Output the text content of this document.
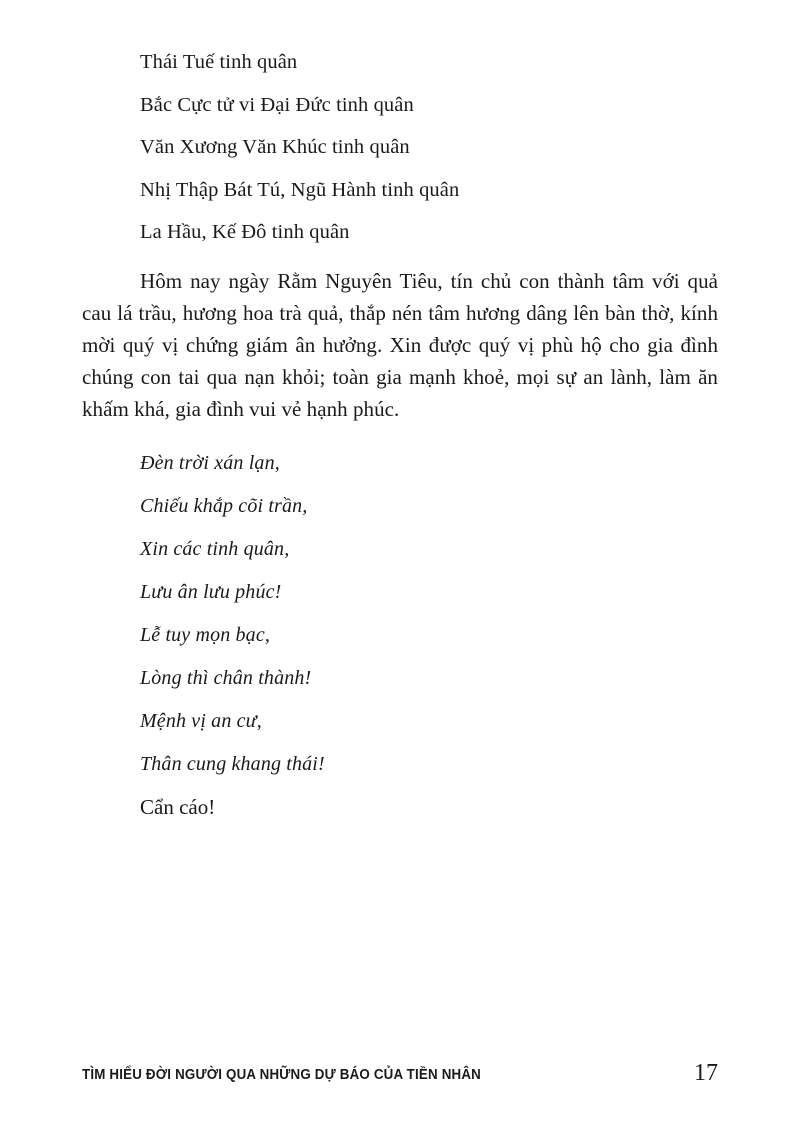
Thái Tuế tinh quân
Bắc Cực tử vi Đại Đức tinh quân
Văn Xương Văn Khúc tinh quân
Nhị Thập Bát Tú, Ngũ Hành tinh quân
La Hầu, Kế Đô tinh quân

Hôm nay ngày Rằm Nguyên Tiêu, tín chủ con thành tâm với quả cau lá trầu, hương hoa trà quả, thắp nén tâm hương dâng lên bàn thờ, kính mời quý vị chứng giám ân hưởng. Xin được quý vị phù hộ cho gia đình chúng con tai qua nạn khỏi; toàn gia mạnh khoẻ, mọi sự an lành, làm ăn khấm khá, gia đình vui vẻ hạnh phúc.

Đèn trời xán lạn,
Chiếu khắp cõi trần,
Xin các tinh quân,
Lưu ân lưu phúc!
Lễ tuy mọn bạc,
Lòng thì chân thành!
Mệnh vị an cư,
Thân cung khang thái!

Cẩn cáo!

TÌM HIỂU ĐỜI NGƯỜI QUA NHỮNG DỰ BÁO CỦA TIỀN NHÂN	17
